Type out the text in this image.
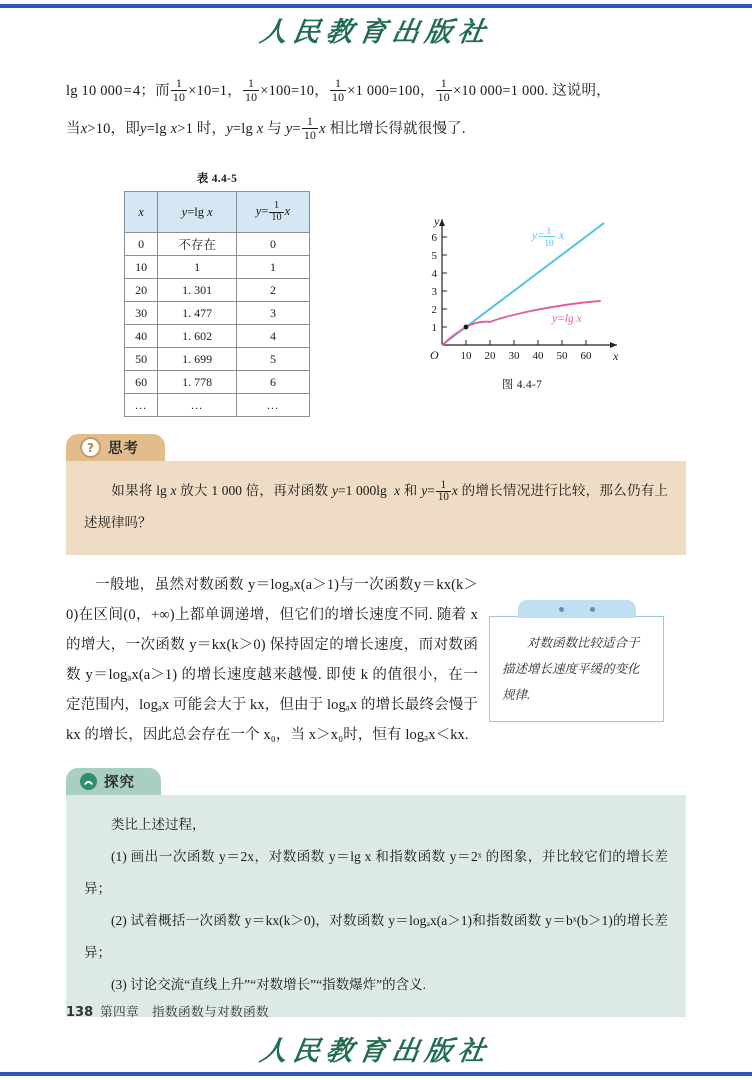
人民教育出版社
lg 10 000=4；而 $\frac{1}{10} \times 10=1$， $\frac{1}{10} \times 100=10$， $\frac{1}{10} \times 1$ 000=100， $\frac{1}{10} \times 10$ 000=1 000. 这说明，
当x>10，即y=lg x>1 时，y=lg x 与 $y= \frac{1}{10}$ x 相比增长得就很慢了.
表 4.4-5
x	y=lg x	$y= \frac{1}{10}$ x
0	不存在	0
10	1	1
20	1. 301	2
30	1. 477	3
40	1. 602	4
50	1. 699	5
60	1. 778	6
…	…	…
1
2
3
4
5
6
10 20 30 40 50 60
y
x
O
y= 1
10
x
y=lg x
图 4.4-7
? 思考

  如果将 lg x 放大 1 000 倍，再对函数 y=1 000lg  x 和 $y= \frac{1}{10}$ x 的增长情况进行比较，那么仍有上述规律吗？

一般地，虽然对数函数 y＝logₐx(a＞1)与一次函数y＝kx(k＞0)在区间(0，+∞)上都单调递增，但它们的增长速度不同. 随着 x 的增大，一次函数 y＝kx(k＞0) 保持固定的增长速度，而对数函数 y＝logₐx(a＞1) 的增长速度越来越慢. 即使 k 的值很小，在一定范围内，logₐx 可能会大于 kx，但由于 logₐx 的增长最终会慢于 kx 的增长，因此总会存在一个 x₀，当 x＞x₀时，恒有 logₐx＜kx.

对数函数比较适合于描述增长速度平缓的变化规律.

探究

类比上述过程，

(1) 画出一次函数 y＝2x，对数函数 y＝lg x 和指数函数 y＝2ˣ 的图象，并比较它们的增长差异；

(2) 试着概括一次函数 y＝kx(k＞0)，对数函数 y＝logₐx(a＞1)和指数函数 y＝bˣ(b＞1)的增长差异；

(3) 讨论交流“直线上升”“对数增长”“指数爆炸”的含义.

138 第四章　指数函数与对数函数
人民教育出版社
